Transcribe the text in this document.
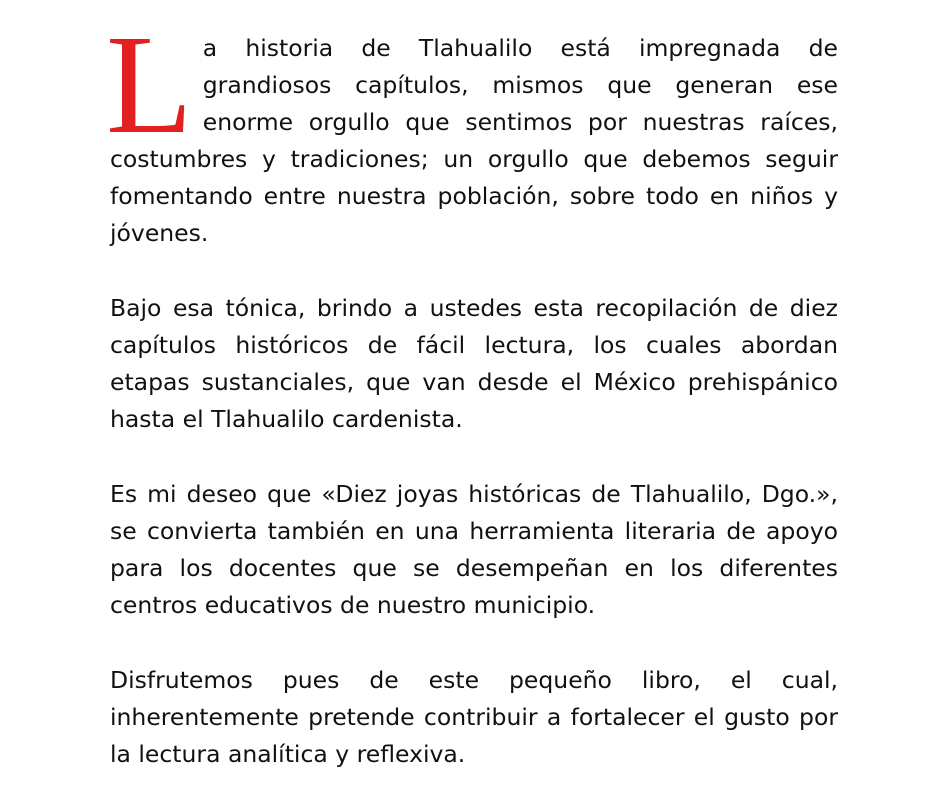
La historia de Tlahualilo está impregnada de grandiosos capítulos, mismos que generan ese enorme orgullo que sentimos por nuestras raíces, costumbres y tradiciones; un orgullo que debemos seguir fomentando entre nuestra población, sobre todo en niños y jóvenes.

Bajo esa tónica, brindo a ustedes esta recopilación de diez capítulos históricos de fácil lectura, los cuales abordan etapas sustanciales, que van desde el México prehispánico hasta el Tlahualilo cardenista.

Es mi deseo que «Diez joyas históricas de Tlahualilo, Dgo.», se convierta también en una herramienta literaria de apoyo para los docentes que se desempeñan en los diferentes centros educativos de nuestro municipio.

Disfrutemos pues de este pequeño libro, el cual, inherentemente pretende contribuir a fortalecer el gusto por la lectura analítica y reflexiva.
